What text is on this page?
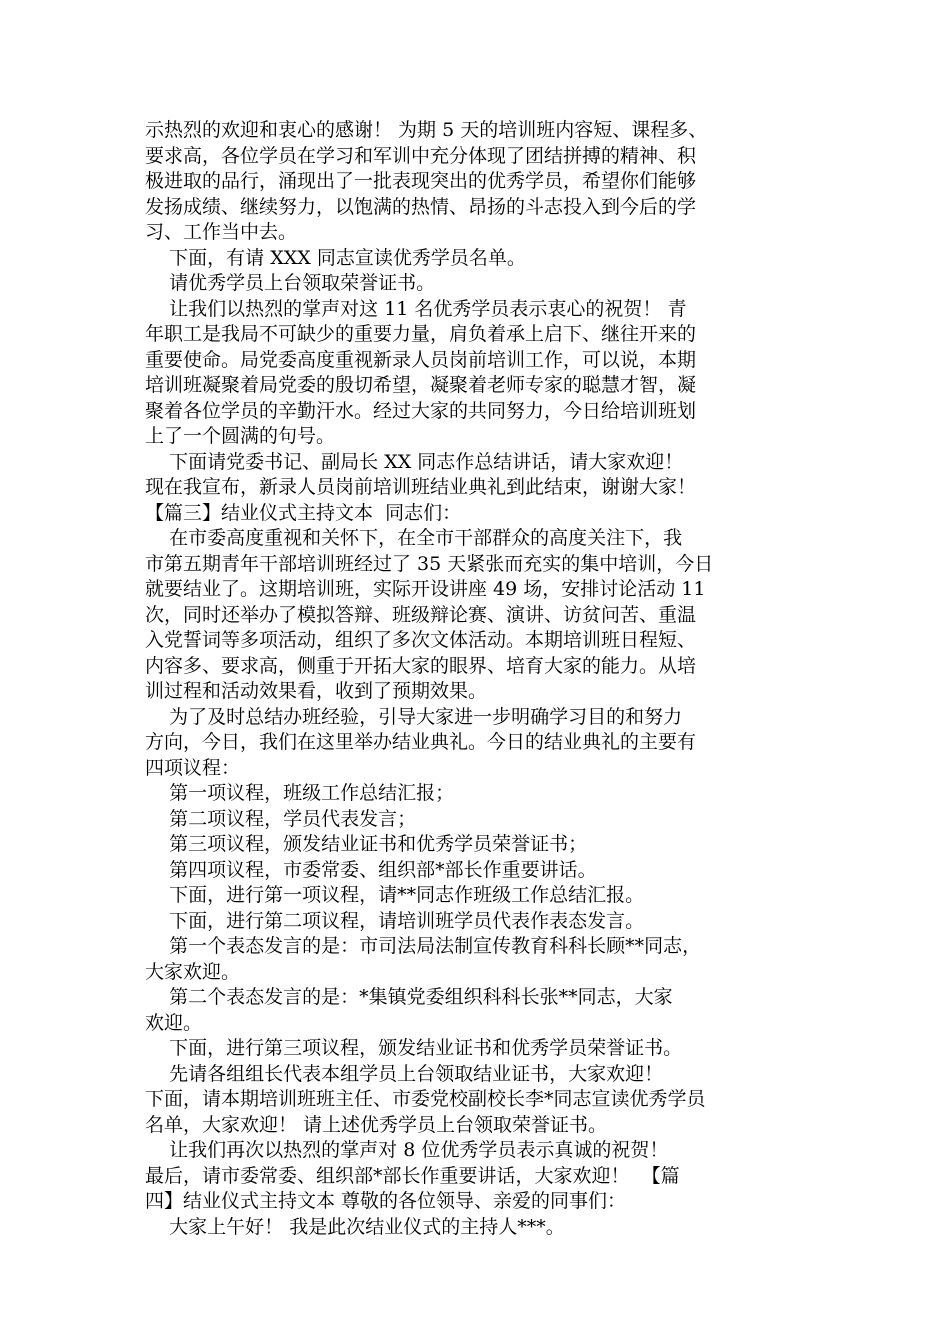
示热烈的欢迎和衷心的感谢！ 为期 5 天的培训班内容短、课程多、
要求高，各位学员在学习和军训中充分体现了团结拼搏的精神、积
极进取的品行，涌现出了一批表现突出的优秀学员，希望你们能够
发扬成绩、继续努力，以饱满的热情、昂扬的斗志投入到今后的学
习、工作当中去。
下面，有请 XXX 同志宣读优秀学员名单。
请优秀学员上台领取荣誉证书。
让我们以热烈的掌声对这 11 名优秀学员表示衷心的祝贺！ 青
年职工是我局不可缺少的重要力量，肩负着承上启下、继往开来的
重要使命。局党委高度重视新录人员岗前培训工作，可以说，本期
培训班凝聚着局党委的殷切希望，凝聚着老师专家的聪慧才智，凝
聚着各位学员的辛勤汗水。经过大家的共同努力，今日给培训班划
上了一个圆满的句号。
下面请党委书记、副局长 XX 同志作总结讲话，请大家欢迎！
现在我宣布，新录人员岗前培训班结业典礼到此结束，谢谢大家！
【篇三】结业仪式主持文本  同志们：
在市委高度重视和关怀下，在全市干部群众的高度关注下，我
市第五期青年干部培训班经过了 35 天紧张而充实的集中培训，今日
就要结业了。这期培训班，实际开设讲座 49 场，安排讨论活动 11
次，同时还举办了模拟答辩、班级辩论赛、演讲、访贫问苦、重温
入党誓词等多项活动，组织了多次文体活动。本期培训班日程短、
内容多、要求高，侧重于开拓大家的眼界、培育大家的能力。从培
训过程和活动效果看，收到了预期效果。
为了及时总结办班经验，引导大家进一步明确学习目的和努力
方向，今日，我们在这里举办结业典礼。今日的结业典礼的主要有
四项议程：
第一项议程，班级工作总结汇报；
第二项议程，学员代表发言；
第三项议程，颁发结业证书和优秀学员荣誉证书；
第四项议程，市委常委、组织部*部长作重要讲话。
下面，进行第一项议程，请**同志作班级工作总结汇报。
下面，进行第二项议程，请培训班学员代表作表态发言。
第一个表态发言的是：市司法局法制宣传教育科科长顾**同志，
大家欢迎。
第二个表态发言的是：*集镇党委组织科科长张**同志，大家
欢迎。
下面，进行第三项议程，颁发结业证书和优秀学员荣誉证书。
先请各组组长代表本组学员上台领取结业证书，大家欢迎！
下面，请本期培训班班主任、市委党校副校长李*同志宣读优秀学员
名单，大家欢迎！ 请上述优秀学员上台领取荣誉证书。
让我们再次以热烈的掌声对 8 位优秀学员表示真诚的祝贺！
最后，请市委常委、组织部*部长作重要讲话，大家欢迎！  【篇
四】结业仪式主持文本 尊敬的各位领导、亲爱的同事们：
大家上午好！ 我是此次结业仪式的主持人***。
